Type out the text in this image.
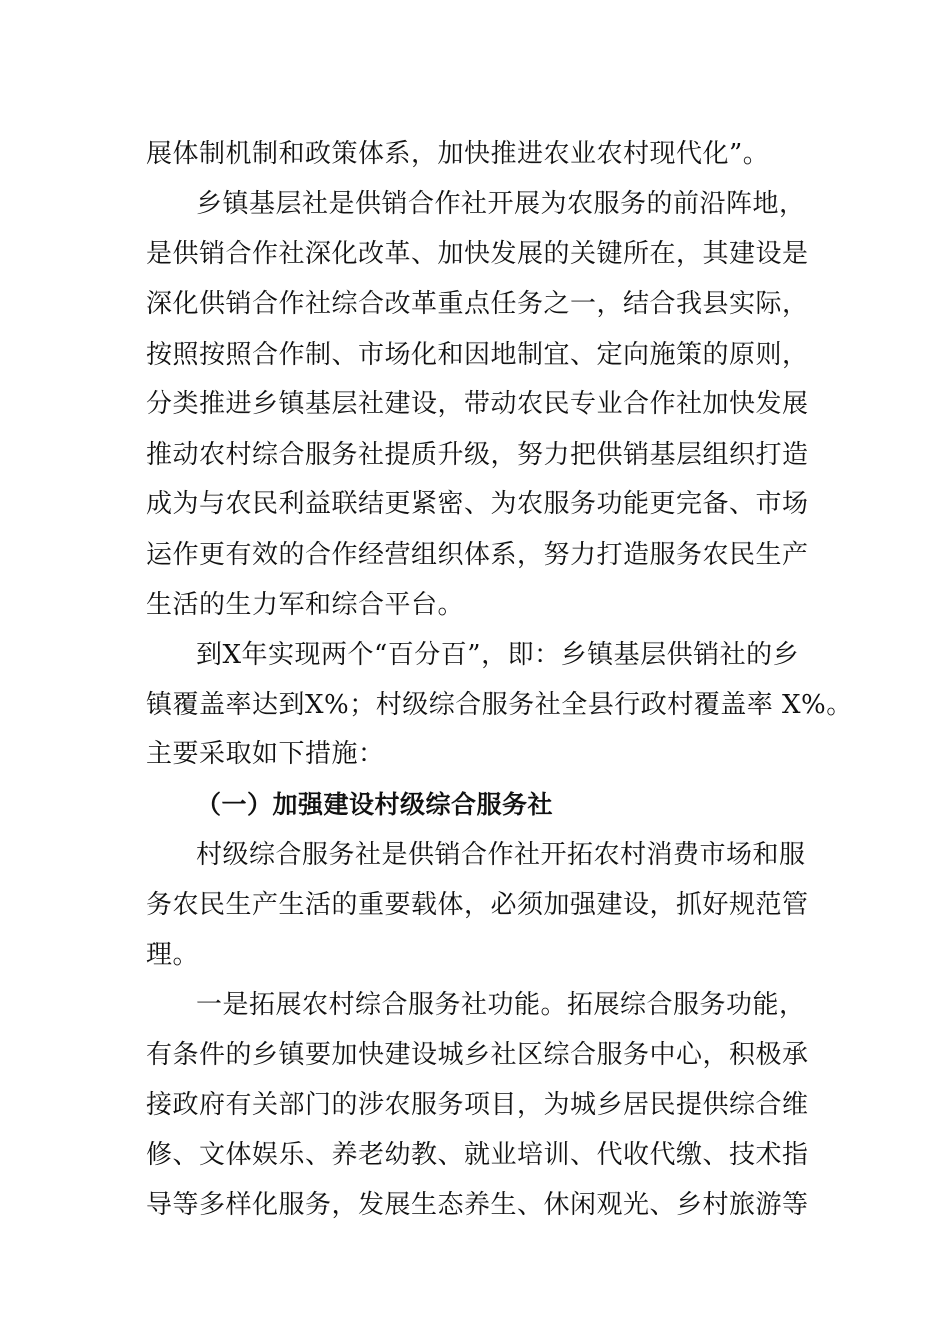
展体制机制和政策体系，加快推进农业农村现代化”。
乡镇基层社是供销合作社开展为农服务的前沿阵地，
是供销合作社深化改革、加快发展的关键所在，其建设是
深化供销合作社综合改革重点任务之一，结合我县实际，
按照按照合作制、市场化和因地制宜、定向施策的原则，
分类推进乡镇基层社建设，带动农民专业合作社加快发展
推动农村综合服务社提质升级，努力把供销基层组织打造
成为与农民利益联结更紧密、为农服务功能更完备、市场
运作更有效的合作经营组织体系，努力打造服务农民生产
生活的生力军和综合平台。
到X年实现两个“百分百”，即：乡镇基层供销社的乡
镇覆盖率达到X%；村级综合服务社全县行政村覆盖率 X%。
主要采取如下措施：
（一）加强建设村级综合服务社
村级综合服务社是供销合作社开拓农村消费市场和服
务农民生产生活的重要载体，必须加强建设，抓好规范管
理。
一是拓展农村综合服务社功能。拓展综合服务功能，
有条件的乡镇要加快建设城乡社区综合服务中心，积极承
接政府有关部门的涉农服务项目，为城乡居民提供综合维
修、文体娱乐、养老幼教、就业培训、代收代缴、技术指
导等多样化服务，发展生态养生、休闲观光、乡村旅游等
